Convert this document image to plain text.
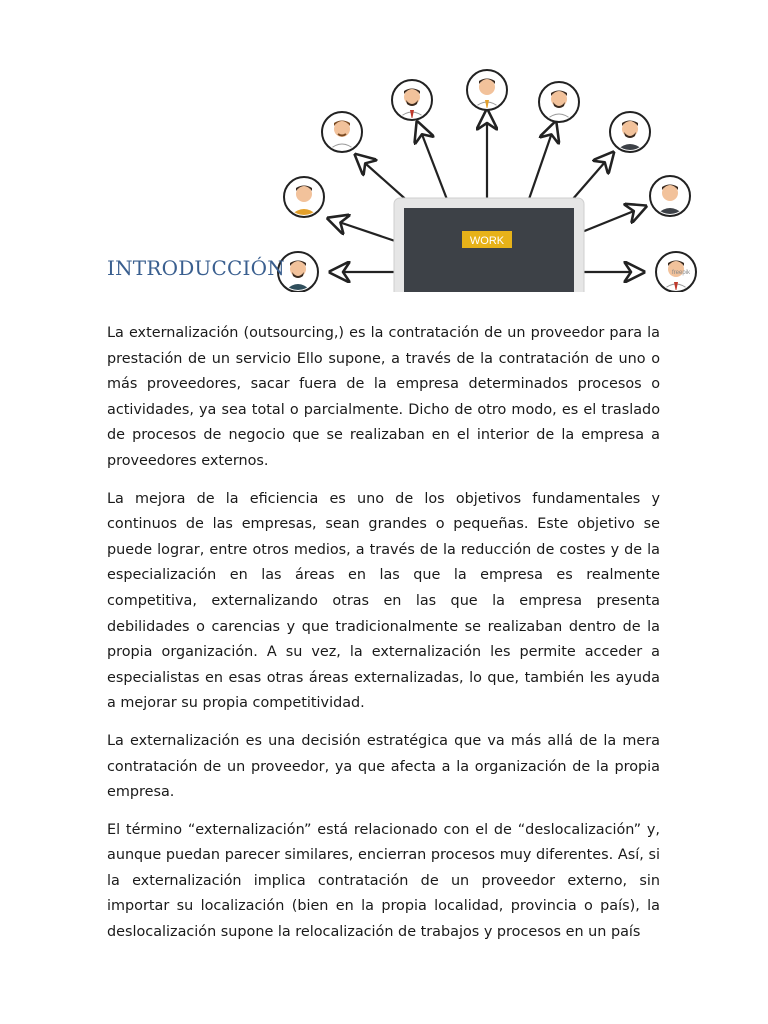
WORK
freepik
INTRODUCCIÓN

La externalización (outsourcing,) es la contratación de un proveedor para la prestación de un servicio Ello supone, a través de la contratación de uno o más proveedores, sacar fuera de la empresa determinados procesos o actividades, ya sea total o parcialmente. Dicho de otro modo, es el traslado de procesos de negocio que se realizaban en el interior de la empresa a proveedores externos.

La mejora de la eficiencia es uno de los objetivos fundamentales y continuos de las empresas, sean grandes o pequeñas. Este objetivo se puede lograr, entre otros medios, a través de la reducción de costes y de la especialización en las áreas en las que la empresa es realmente competitiva, externalizando otras en las que la empresa presenta debilidades o carencias y que tradicionalmente se realizaban dentro de la propia organización. A su vez, la externalización les permite acceder a especialistas en esas otras áreas externalizadas, lo que, también les ayuda a mejorar su propia competitividad.

La externalización es una decisión estratégica que va más allá de la mera contratación de un proveedor, ya que afecta a la organización de la propia empresa.

El término “externalización” está relacionado con el de “deslocalización” y, aunque puedan parecer similares, encierran procesos muy diferentes. Así, si la externalización implica contratación de un proveedor externo, sin importar su localización (bien en la propia localidad, provincia o país), la deslocalización supone la relocalización de trabajos y procesos en un país
